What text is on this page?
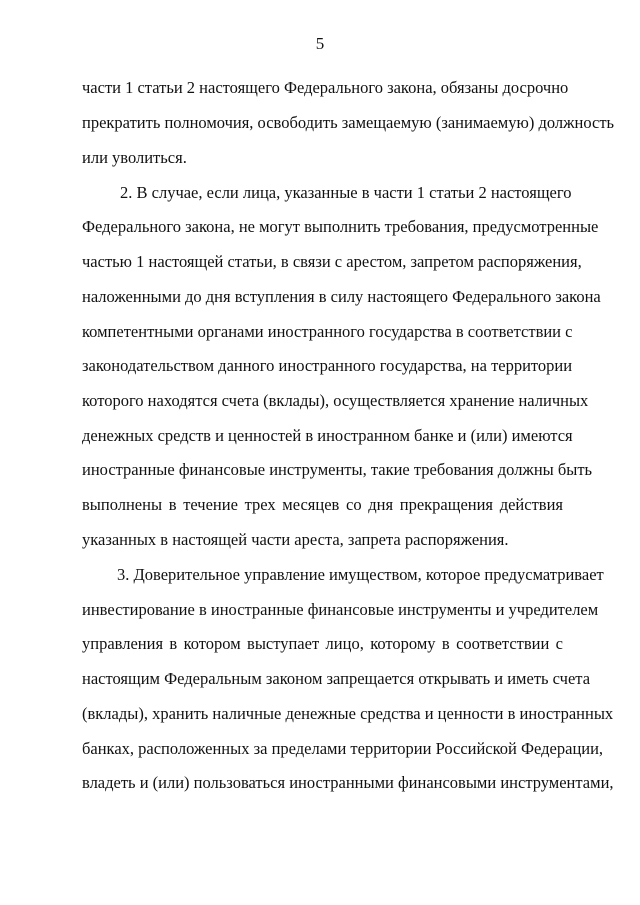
5
части 1 статьи 2 настоящего Федерального закона, обязаны досрочно
прекратить полномочия, освободить замещаемую (занимаемую) должность
или уволиться.
2. В случае, если лица, указанные в части 1 статьи 2 настоящего
Федерального закона, не могут выполнить требования, предусмотренные
частью 1 настоящей статьи, в связи с арестом, запретом распоряжения,
наложенными до дня вступления в силу настоящего Федерального закона
компетентными органами иностранного государства в соответствии с
законодательством данного иностранного государства, на территории
которого находятся счета (вклады), осуществляется хранение наличных
денежных средств и ценностей в иностранном банке и (или) имеются
иностранные финансовые инструменты, такие требования должны быть
выполнены в течение трех месяцев со дня прекращения действия
указанных в настоящей части ареста, запрета распоряжения.
3. Доверительное управление имуществом, которое предусматривает
инвестирование в иностранные финансовые инструменты и учредителем
управления в котором выступает лицо, которому в соответствии с
настоящим Федеральным законом запрещается открывать и иметь счета
(вклады), хранить наличные денежные средства и ценности в иностранных
банках, расположенных за пределами территории Российской Федерации,
владеть и (или) пользоваться иностранными финансовыми инструментами,
